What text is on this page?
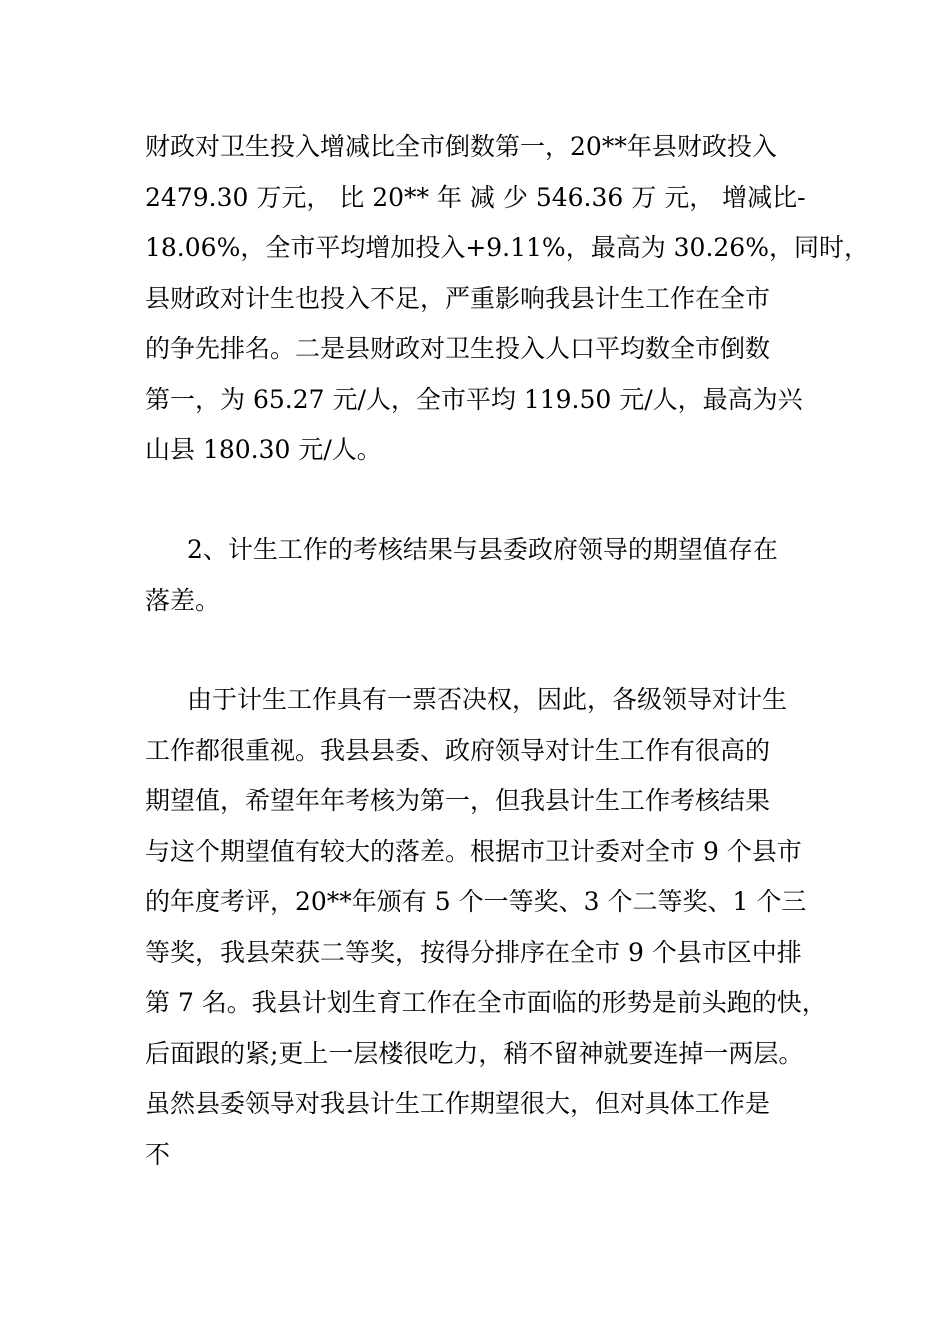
财政对卫生投入增减比全市倒数第一，20**年县财政投入
2479.30 万元， 比 20** 年 减 少 546.36 万 元， 增减比-
18.06%，全市平均增加投入+9.11%，最高为 30.26%，同时，
县财政对计生也投入不足，严重影响我县计生工作在全市
的争先排名。二是县财政对卫生投入人口平均数全市倒数
第一，为 65.27 元/人，全市平均 119.50 元/人，最高为兴
山县 180.30 元/人。
2、计生工作的考核结果与县委政府领导的期望值存在
落差。
由于计生工作具有一票否决权，因此，各级领导对计生
工作都很重视。我县县委、政府领导对计生工作有很高的
期望值，希望年年考核为第一，但我县计生工作考核结果
与这个期望值有较大的落差。根据市卫计委对全市 9 个县市
的年度考评，20**年颁有 5 个一等奖、3 个二等奖、1 个三
等奖，我县荣获二等奖，按得分排序在全市 9 个县市区中排
第 7 名。我县计划生育工作在全市面临的形势是前头跑的快，
后面跟的紧;更上一层楼很吃力，稍不留神就要连掉一两层。
虽然县委领导对我县计生工作期望很大，但对具体工作是
不
